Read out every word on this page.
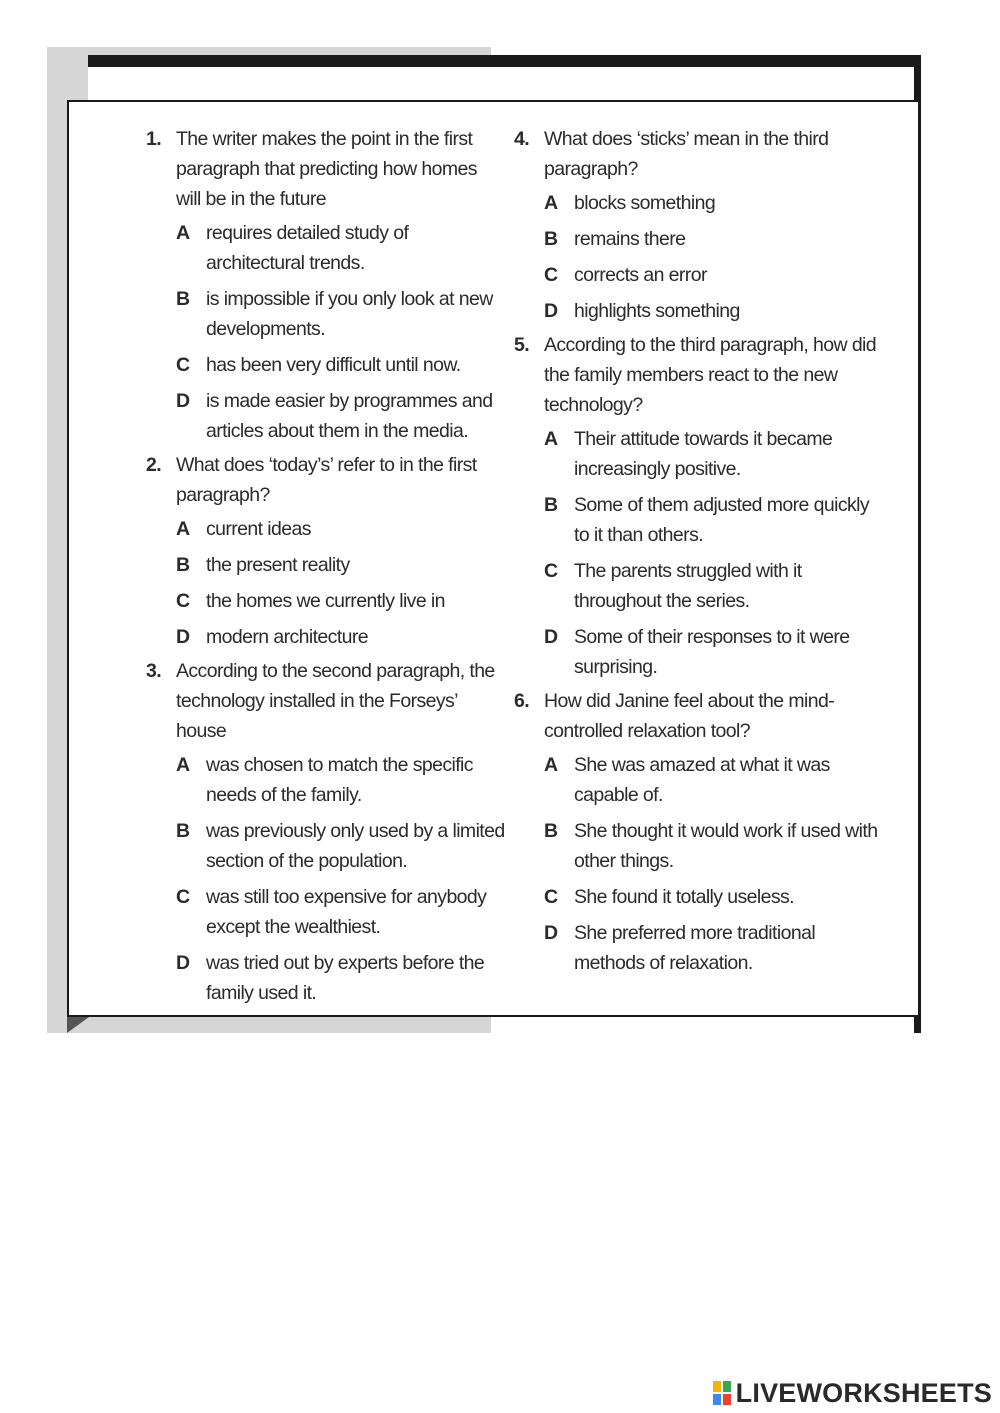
1. The writer makes the point in the first paragraph that predicting how homes will be in the future
A requires detailed study of architectural trends.
B is impossible if you only look at new developments.
C has been very difficult until now.
D is made easier by programmes and articles about them in the media.
2. What does ‘today’s’ refer to in the first paragraph?
A current ideas
B the present reality
C the homes we currently live in
D modern architecture
3. According to the second paragraph, the technology installed in the Forseys’ house
A was chosen to match the specific needs of the family.
B was previously only used by a limited section of the population.
C was still too expensive for anybody except the wealthiest.
D was tried out by experts before the family used it.
4. What does ‘sticks’ mean in the third paragraph?
A blocks something
B remains there
C corrects an error
D highlights something
5. According to the third paragraph, how did the family members react to the new technology?
A Their attitude towards it became increasingly positive.
B Some of them adjusted more quickly to it than others.
C The parents struggled with it throughout the series.
D Some of their responses to it were surprising.
6. How did Janine feel about the mind-controlled relaxation tool?
A She was amazed at what it was capable of.
B She thought it would work if used with other things.
C She found it totally useless.
D She preferred more traditional methods of relaxation.
LIVEWORKSHEETS
